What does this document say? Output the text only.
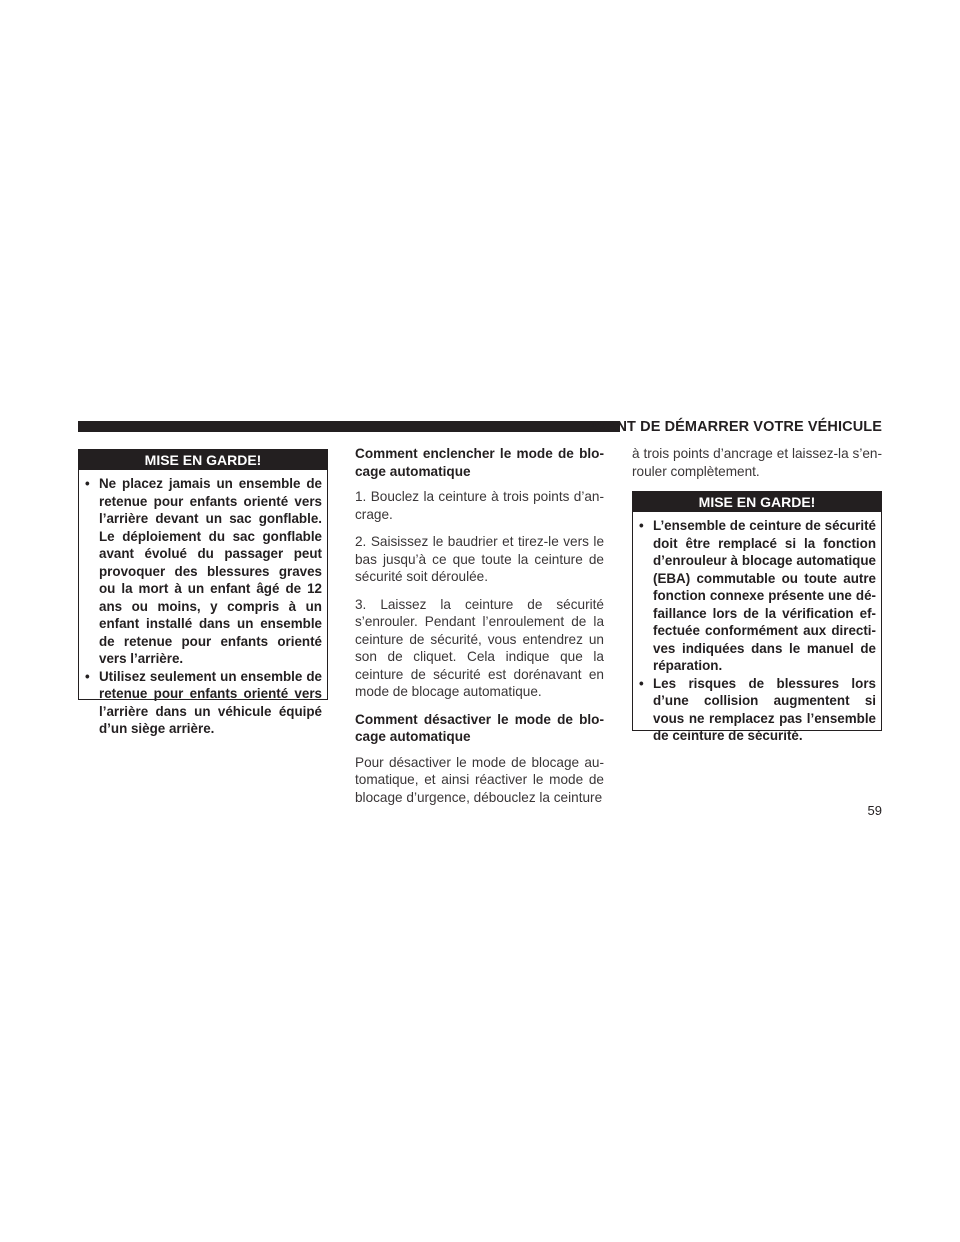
AVANT DE DÉMARRER VOTRE VÉHICULE
MISE EN GARDE!
• Ne placez jamais un ensemble de retenue pour enfants orienté vers l’arrière devant un sac gonflable. Le déploiement du sac gonflable avant évolué du passager peut provoquer des blessures graves ou la mort à un enfant âgé de 12 ans ou moins, y compris à un enfant installé dans un ensemble de retenue pour enfants orienté vers l’arrière.
• Utilisez seulement un ensemble de retenue pour enfants orienté vers l’arrière dans un véhicule équipé d’un siège arrière.

Comment enclencher le mode de blocage automatique

1. Bouclez la ceinture à trois points d’ancrage.

2. Saisissez le baudrier et tirez-le vers le bas jusqu’à ce que toute la ceinture de sécurité soit déroulée.

3. Laissez la ceinture de sécurité s’enrouler. Pendant l’enroulement de la ceinture de sécurité, vous entendrez un son de cliquet. Cela indique que la ceinture de sécurité est dorénavant en mode de blocage automatique.

Comment désactiver le mode de blocage automatique

Pour désactiver le mode de blocage automatique, et ainsi réactiver le mode de blocage d’urgence, débouclez la ceinture

à trois points d’ancrage et laissez-la s’enrouler complètement.

MISE EN GARDE!
• L’ensemble de ceinture de sécurité doit être remplacé si la fonction d’enrouleur à blocage automatique (EBA) commutable ou toute autre fonction connexe présente une défaillance lors de la vérification effectuée conformément aux directives indiquées dans le manuel de réparation.
• Les risques de blessures lors d’une collision augmentent si vous ne remplacez pas l’ensemble de ceinture de sécurité.
59
